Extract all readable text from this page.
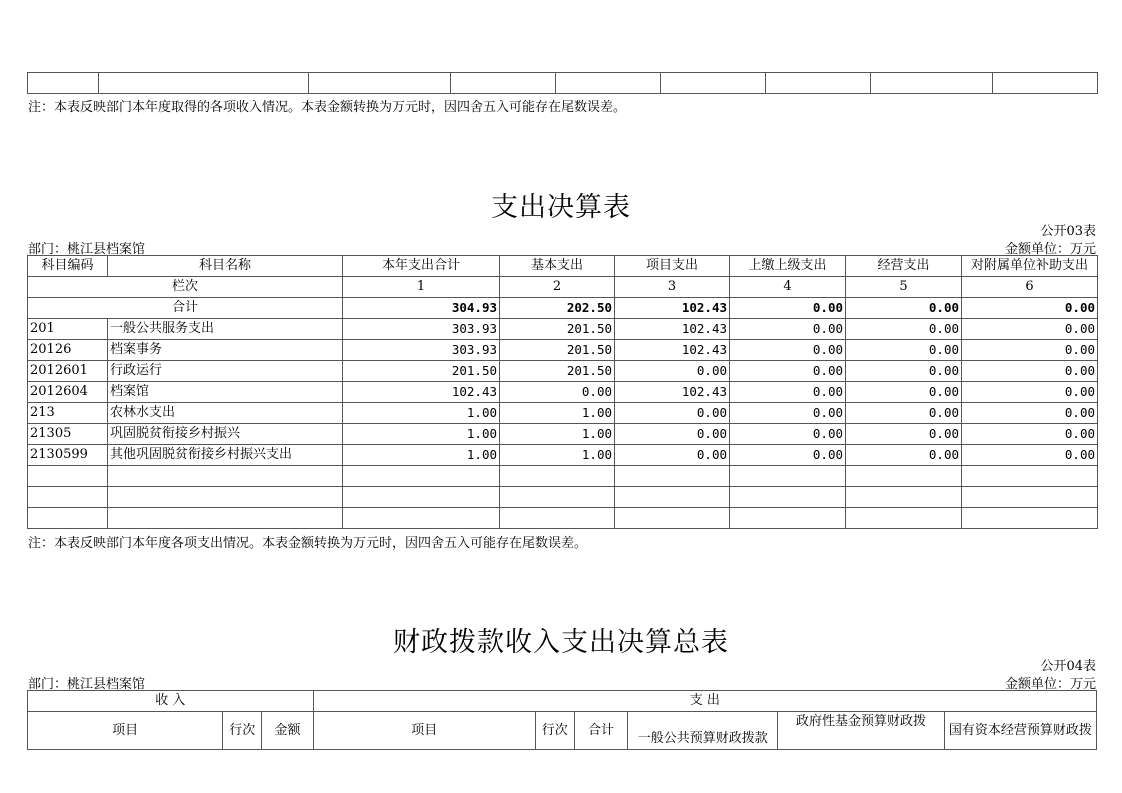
注：本表反映部门本年度取得的各项收入情况。本表金额转换为万元时，因四舍五入可能存在尾数误差。
支出决算表
公开03表
部门：桃江县档案馆	金额单位：万元
科目编码	科目名称	本年支出合计	基本支出	项目支出	上缴上级支出	经营支出	对附属单位补助支出
栏次		1	2	3	4	5	6
合计		304.93	202.50	102.43	0.00	0.00	0.00
201	一般公共服务支出	303.93	201.50	102.43	0.00	0.00	0.00
20126	档案事务	303.93	201.50	102.43	0.00	0.00	0.00
2012601	行政运行	201.50	201.50	0.00	0.00	0.00	0.00
2012604	档案馆	102.43	0.00	102.43	0.00	0.00	0.00
213	农林水支出	1.00	1.00	0.00	0.00	0.00	0.00
21305	巩固脱贫衔接乡村振兴	1.00	1.00	0.00	0.00	0.00	0.00
2130599	其他巩固脱贫衔接乡村振兴支出	1.00	1.00	0.00	0.00	0.00	0.00

注：本表反映部门本年度各项支出情况。本表金额转换为万元时，因四舍五入可能存在尾数误差。
财政拨款收入支出决算总表
公开04表
部门：桃江县档案馆	金额单位：万元
收 入			支 出					
项目	行次	金额	项目	行次	合计	一般公共预算财政拨款	政府性基金预算财政拨	国有资本经营预算财政拨
